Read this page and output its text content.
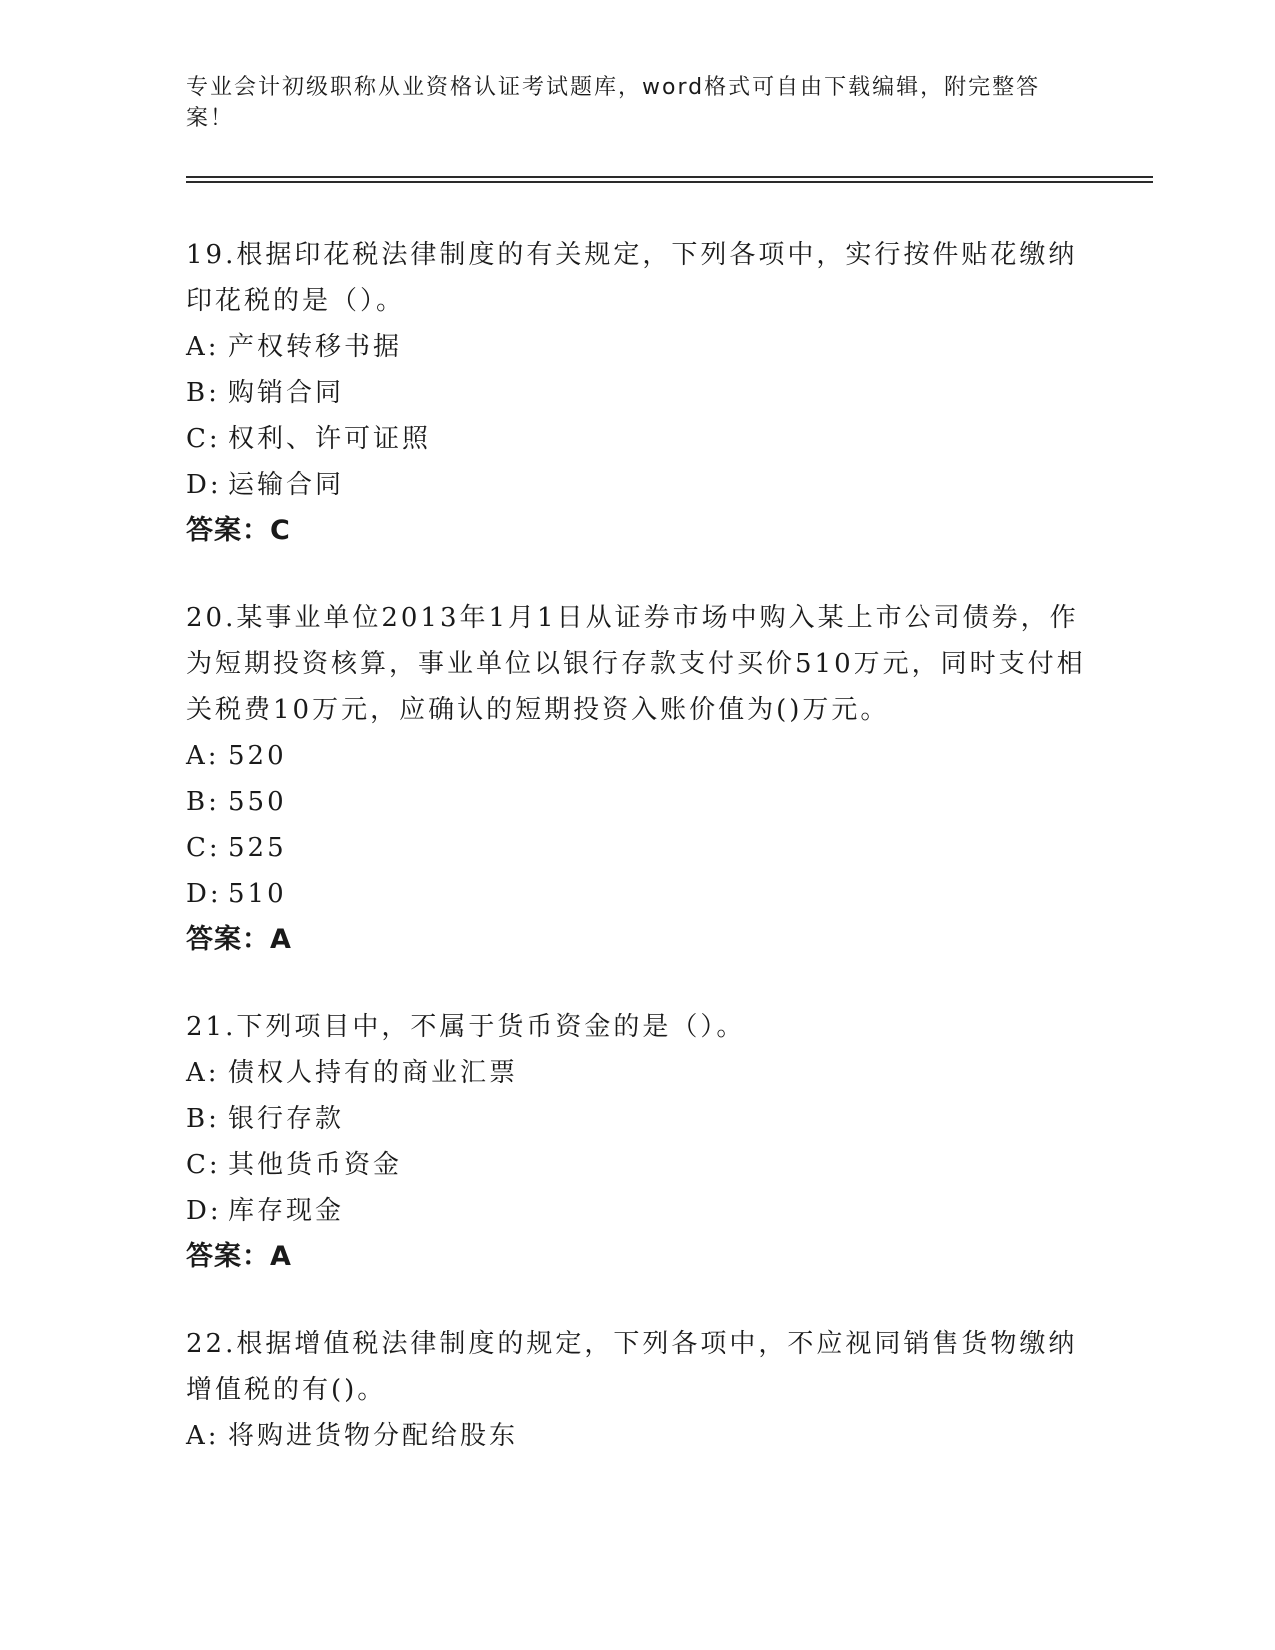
专业会计初级职称从业资格认证考试题库，word格式可自由下载编辑，附完整答案！
19.根据印花税法律制度的有关规定，下列各项中，实行按件贴花缴纳印花税的是（）。
A: 产权转移书据
B: 购销合同
C: 权利、许可证照
D: 运输合同
答案：C
20.某事业单位2013年1月1日从证券市场中购入某上市公司债券，作为短期投资核算，事业单位以银行存款支付买价510万元，同时支付相关税费10万元，应确认的短期投资入账价值为()万元。
A: 520
B: 550
C: 525
D: 510
答案：A
21.下列项目中，不属于货币资金的是（）。
A: 债权人持有的商业汇票
B: 银行存款
C: 其他货币资金
D: 库存现金
答案：A
22.根据增值税法律制度的规定，下列各项中，不应视同销售货物缴纳增值税的有()。
A: 将购进货物分配给股东
